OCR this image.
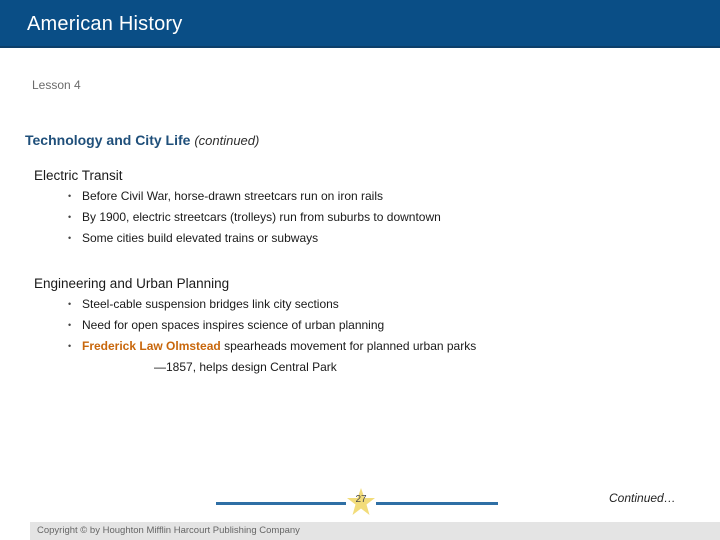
American History
Lesson 4
Technology and City Life (continued)
Electric Transit
• Before Civil War, horse-drawn streetcars run on iron rails
• By 1900, electric streetcars (trolleys) run from suburbs to downtown
• Some cities build elevated trains or subways
Engineering and Urban Planning
• Steel-cable suspension bridges link city sections
• Need for open spaces inspires science of urban planning
• Frederick Law Olmstead spearheads movement for planned urban parks
—1857, helps design Central Park
27	Continued…
Copyright © by Houghton Mifflin Harcourt Publishing Company
